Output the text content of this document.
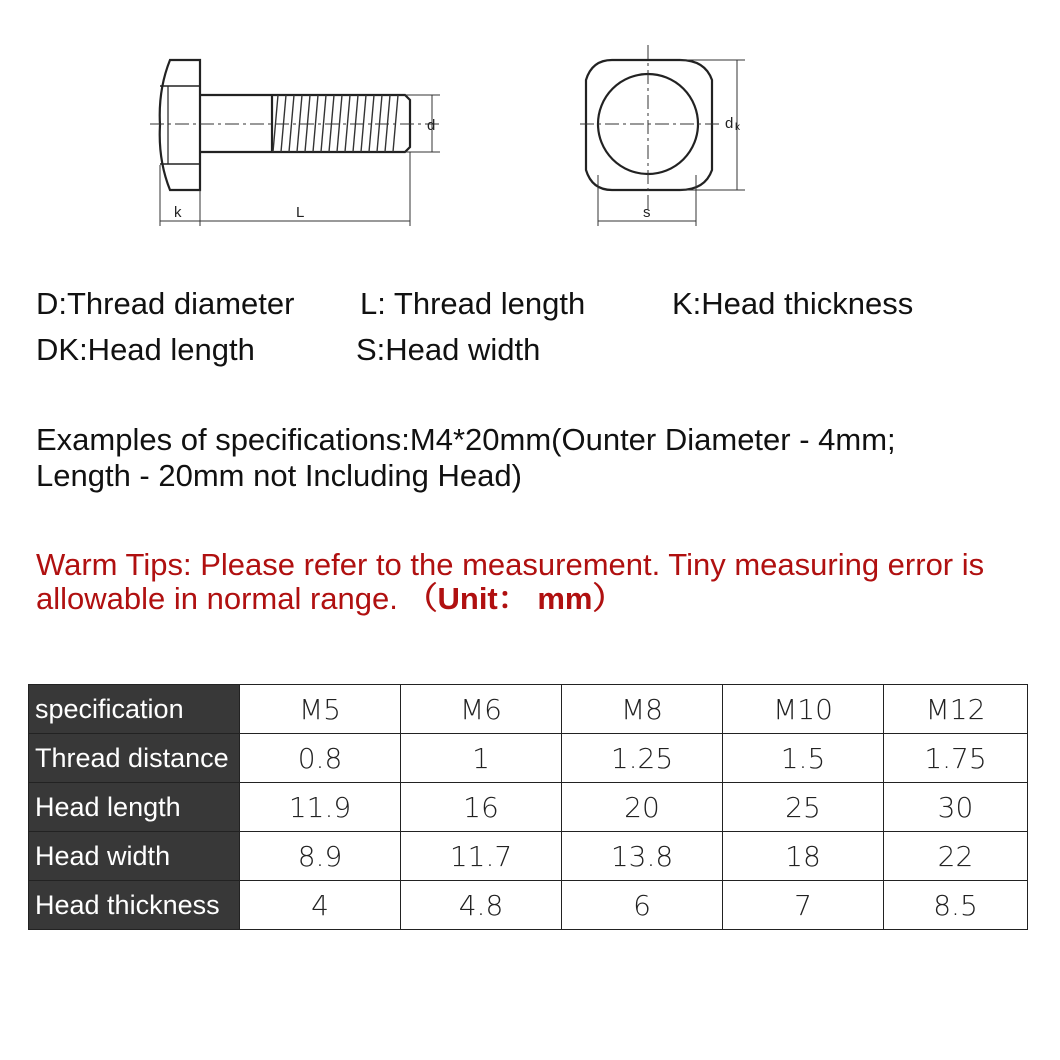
d
k	L
d k
s
D:Thread diameter L: Thread length	K:Head thickness
DK:Head length	S:Head width
Examples of specifications:M4*20mm(Ounter Diameter - 4mm;
Length - 20mm not Including Head)
Warm Tips: Please refer to the measurement. Tiny measuring error is
allowable in normal range. （Unit： mm）
specification	M5	M6	M8	M10	M12
Thread distance	0.8	1	1.25	1.5	1.75
Head length	11.9	16	20	25	30
Head width	8.9	11.7	13.8	18	22
Head thickness	4	4.8	6	7	8.5
